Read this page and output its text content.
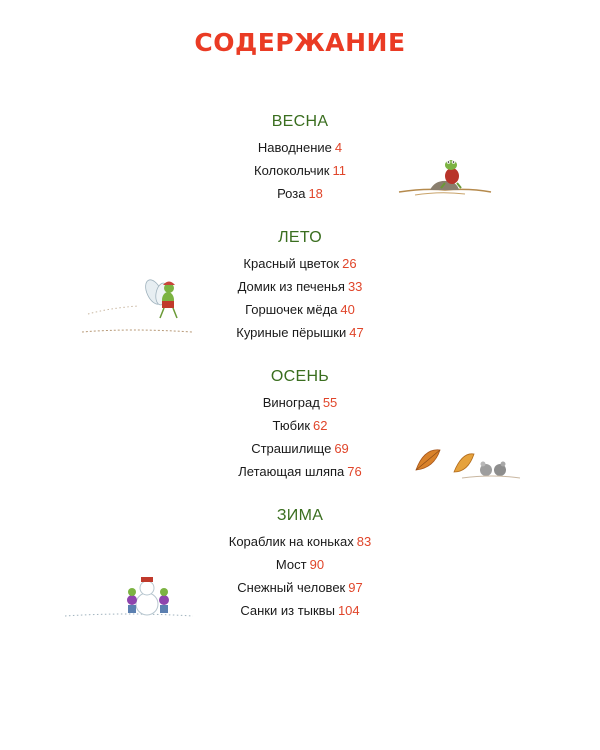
СОДЕРЖАНИЕ
ВЕСНА
Наводнение 4
Колокольчик 11
Роза 18
ЛЕТО
Красный цветок 26
Домик из печенья 33
Горшочек мёда 40
Куриные пёрышки 47
ОСЕНЬ
Виноград 55
Тюбик 62
Страшилище 69
Летающая шляпа 76
ЗИМА
Кораблик на коньках 83
Мост 90
Снежный человек 97
Санки из тыквы 104
